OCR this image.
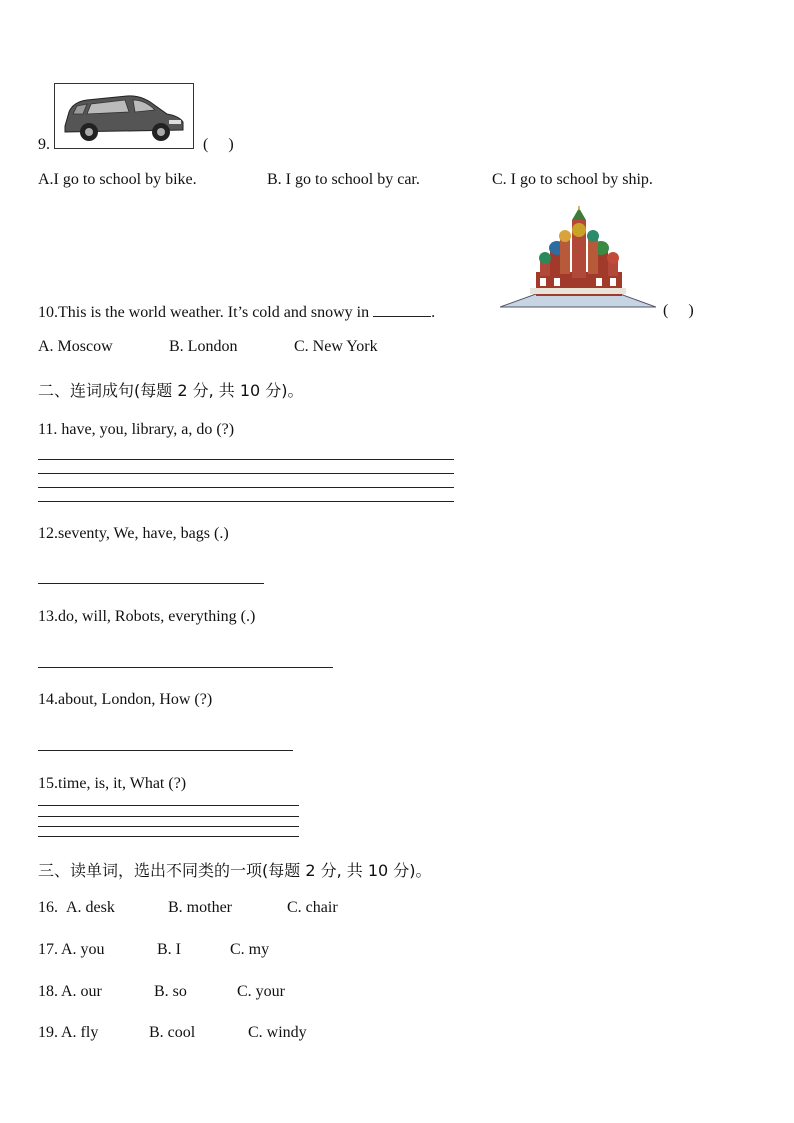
9.	(     )
A.I go to school by bike.	B. I go to school by car.	C. I go to school by ship.
10.This is the world weather. It’s cold and snowy in	.	(     )
A. Moscow	B. London	C. New York
二、连词成句(每题 2 分, 共 10 分)。
11. have, you, library, a, do (?)
12.seventy, We, have, bags (.)
13.do, will, Robots, everything (.)
14.about, London, How (?)
15.time, is, it, What (?)
三、读单词，选出不同类的一项(每题 2 分, 共 10 分)。
16. A. desk	B. mother	C. chair
17. A. you	B. I	C. my
18. A. our	B. so	C. your
19. A. fly	B. cool	C. windy
